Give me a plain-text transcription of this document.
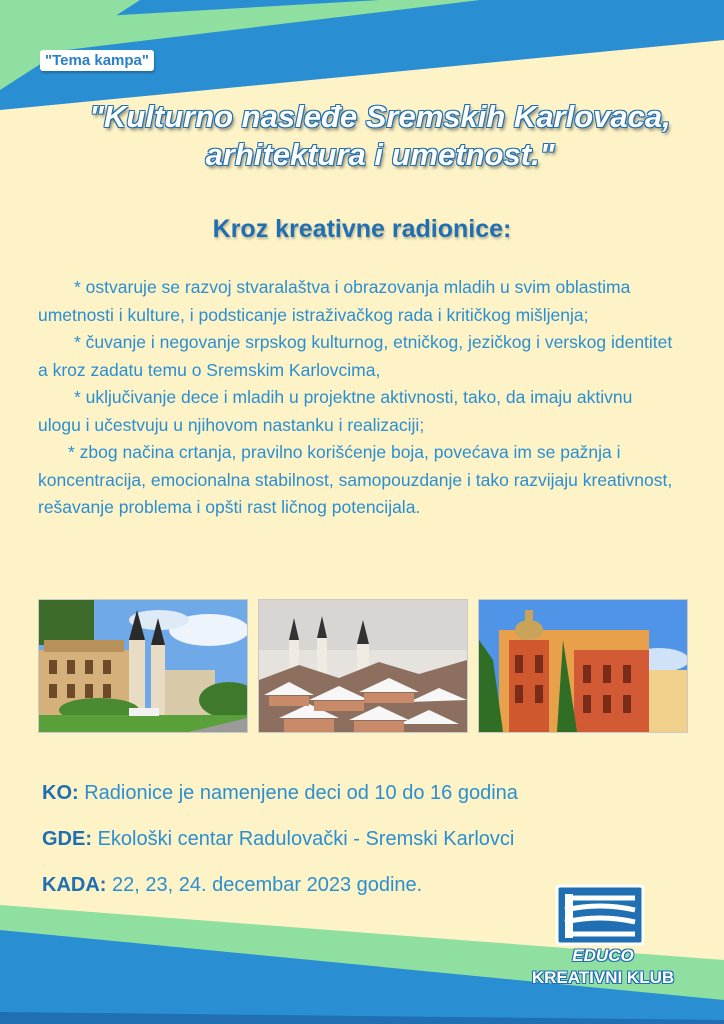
"Tema kampa"
"Kulturno nasleđe Sremskih Karlovaca,
arhitektura i umetnost."
Kroz kreativne radionice:

* ostvaruje se razvoj stvaralaštva i obrazovanja mladih u svim oblastima

umetnosti i kulture, i podsticanje istraživačkog rada i kritičkog mišljenja;

* čuvanje i negovanje srpskog kulturnog, etničkog, jezičkog i verskog identitet

a kroz zadatu temu o Sremskim Karlovcima,

* uključivanje dece i mladih u projektne aktivnosti, tako, da imaju aktivnu

ulogu i učestvuju u njihovom nastanku i realizaciji;

* zbog načina crtanja, pravilno korišćenje boja, povećava im se pažnja i

koncentracija, emocionalna stabilnost, samopouzdanje i tako razvijaju kreativnost,

rešavanje problema i opšti rast ličnog potencijala.

KO: Radionice je namenjene deci od 10 do 16 godina
GDE: Ekološki centar Radulovački - Sremski Karlovci
KADA: 22, 23, 24. decembar 2023 godine.
EDUCO
KREATIVNI KLUB
